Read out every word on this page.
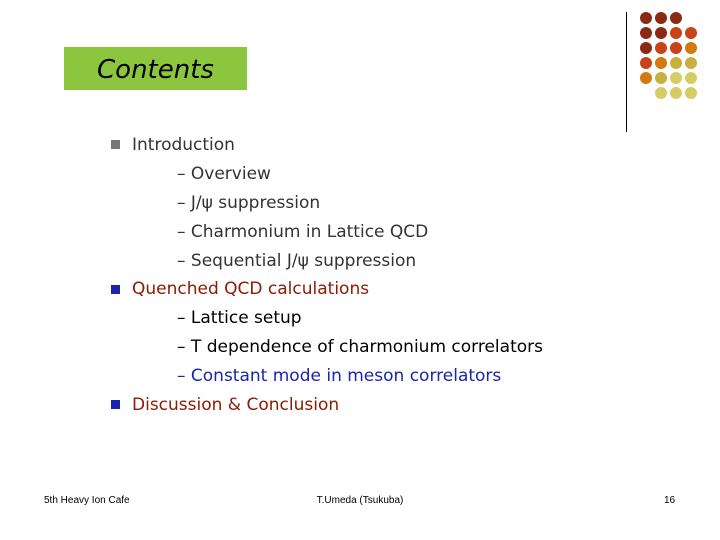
Contents
Introduction
– Overview
– J/ψ suppression
– Charmonium in Lattice QCD
– Sequential J/ψ suppression
Quenched QCD calculations
– Lattice setup
– T dependence of charmonium correlators
– Constant mode in meson correlators
Discussion & Conclusion
5th Heavy Ion Cafe	T.Umeda (Tsukuba)	16
